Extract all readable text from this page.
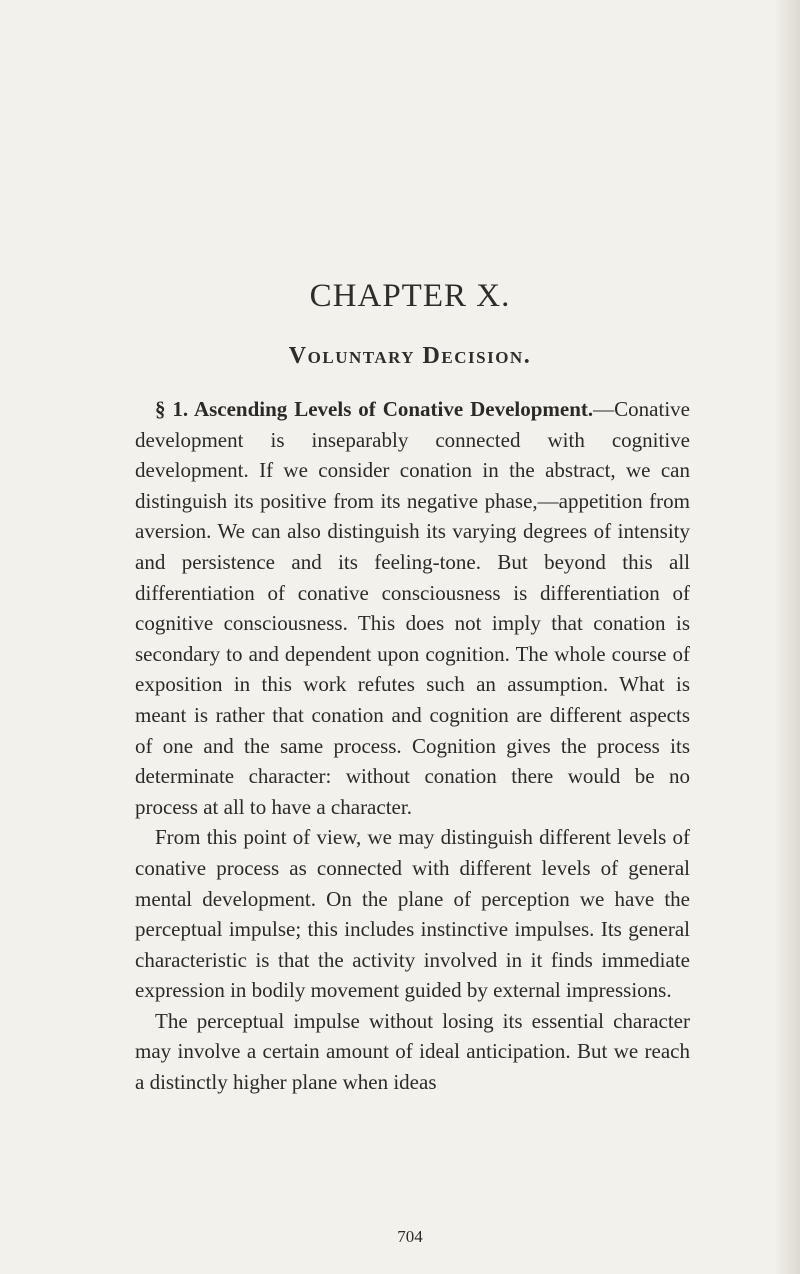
CHAPTER X.
Voluntary Decision.

§ 1. Ascending Levels of Conative Development.—Conative development is inseparably connected with cognitive development. If we consider conation in the abstract, we can distinguish its positive from its negative phase,—appetition from aversion. We can also distinguish its varying degrees of intensity and persistence and its feeling-tone. But beyond this all differentiation of conative consciousness is differentiation of cognitive consciousness. This does not imply that conation is secondary to and dependent upon cognition. The whole course of exposition in this work refutes such an assumption. What is meant is rather that conation and cognition are different aspects of one and the same process. Cognition gives the process its determinate character: without conation there would be no process at all to have a character.

From this point of view, we may distinguish different levels of conative process as connected with different levels of general mental development. On the plane of perception we have the perceptual impulse; this includes instinctive impulses. Its general characteristic is that the activity involved in it finds immediate expression in bodily movement guided by external impressions.

The perceptual impulse without losing its essential character may involve a certain amount of ideal anticipation. But we reach a distinctly higher plane when ideas

704
